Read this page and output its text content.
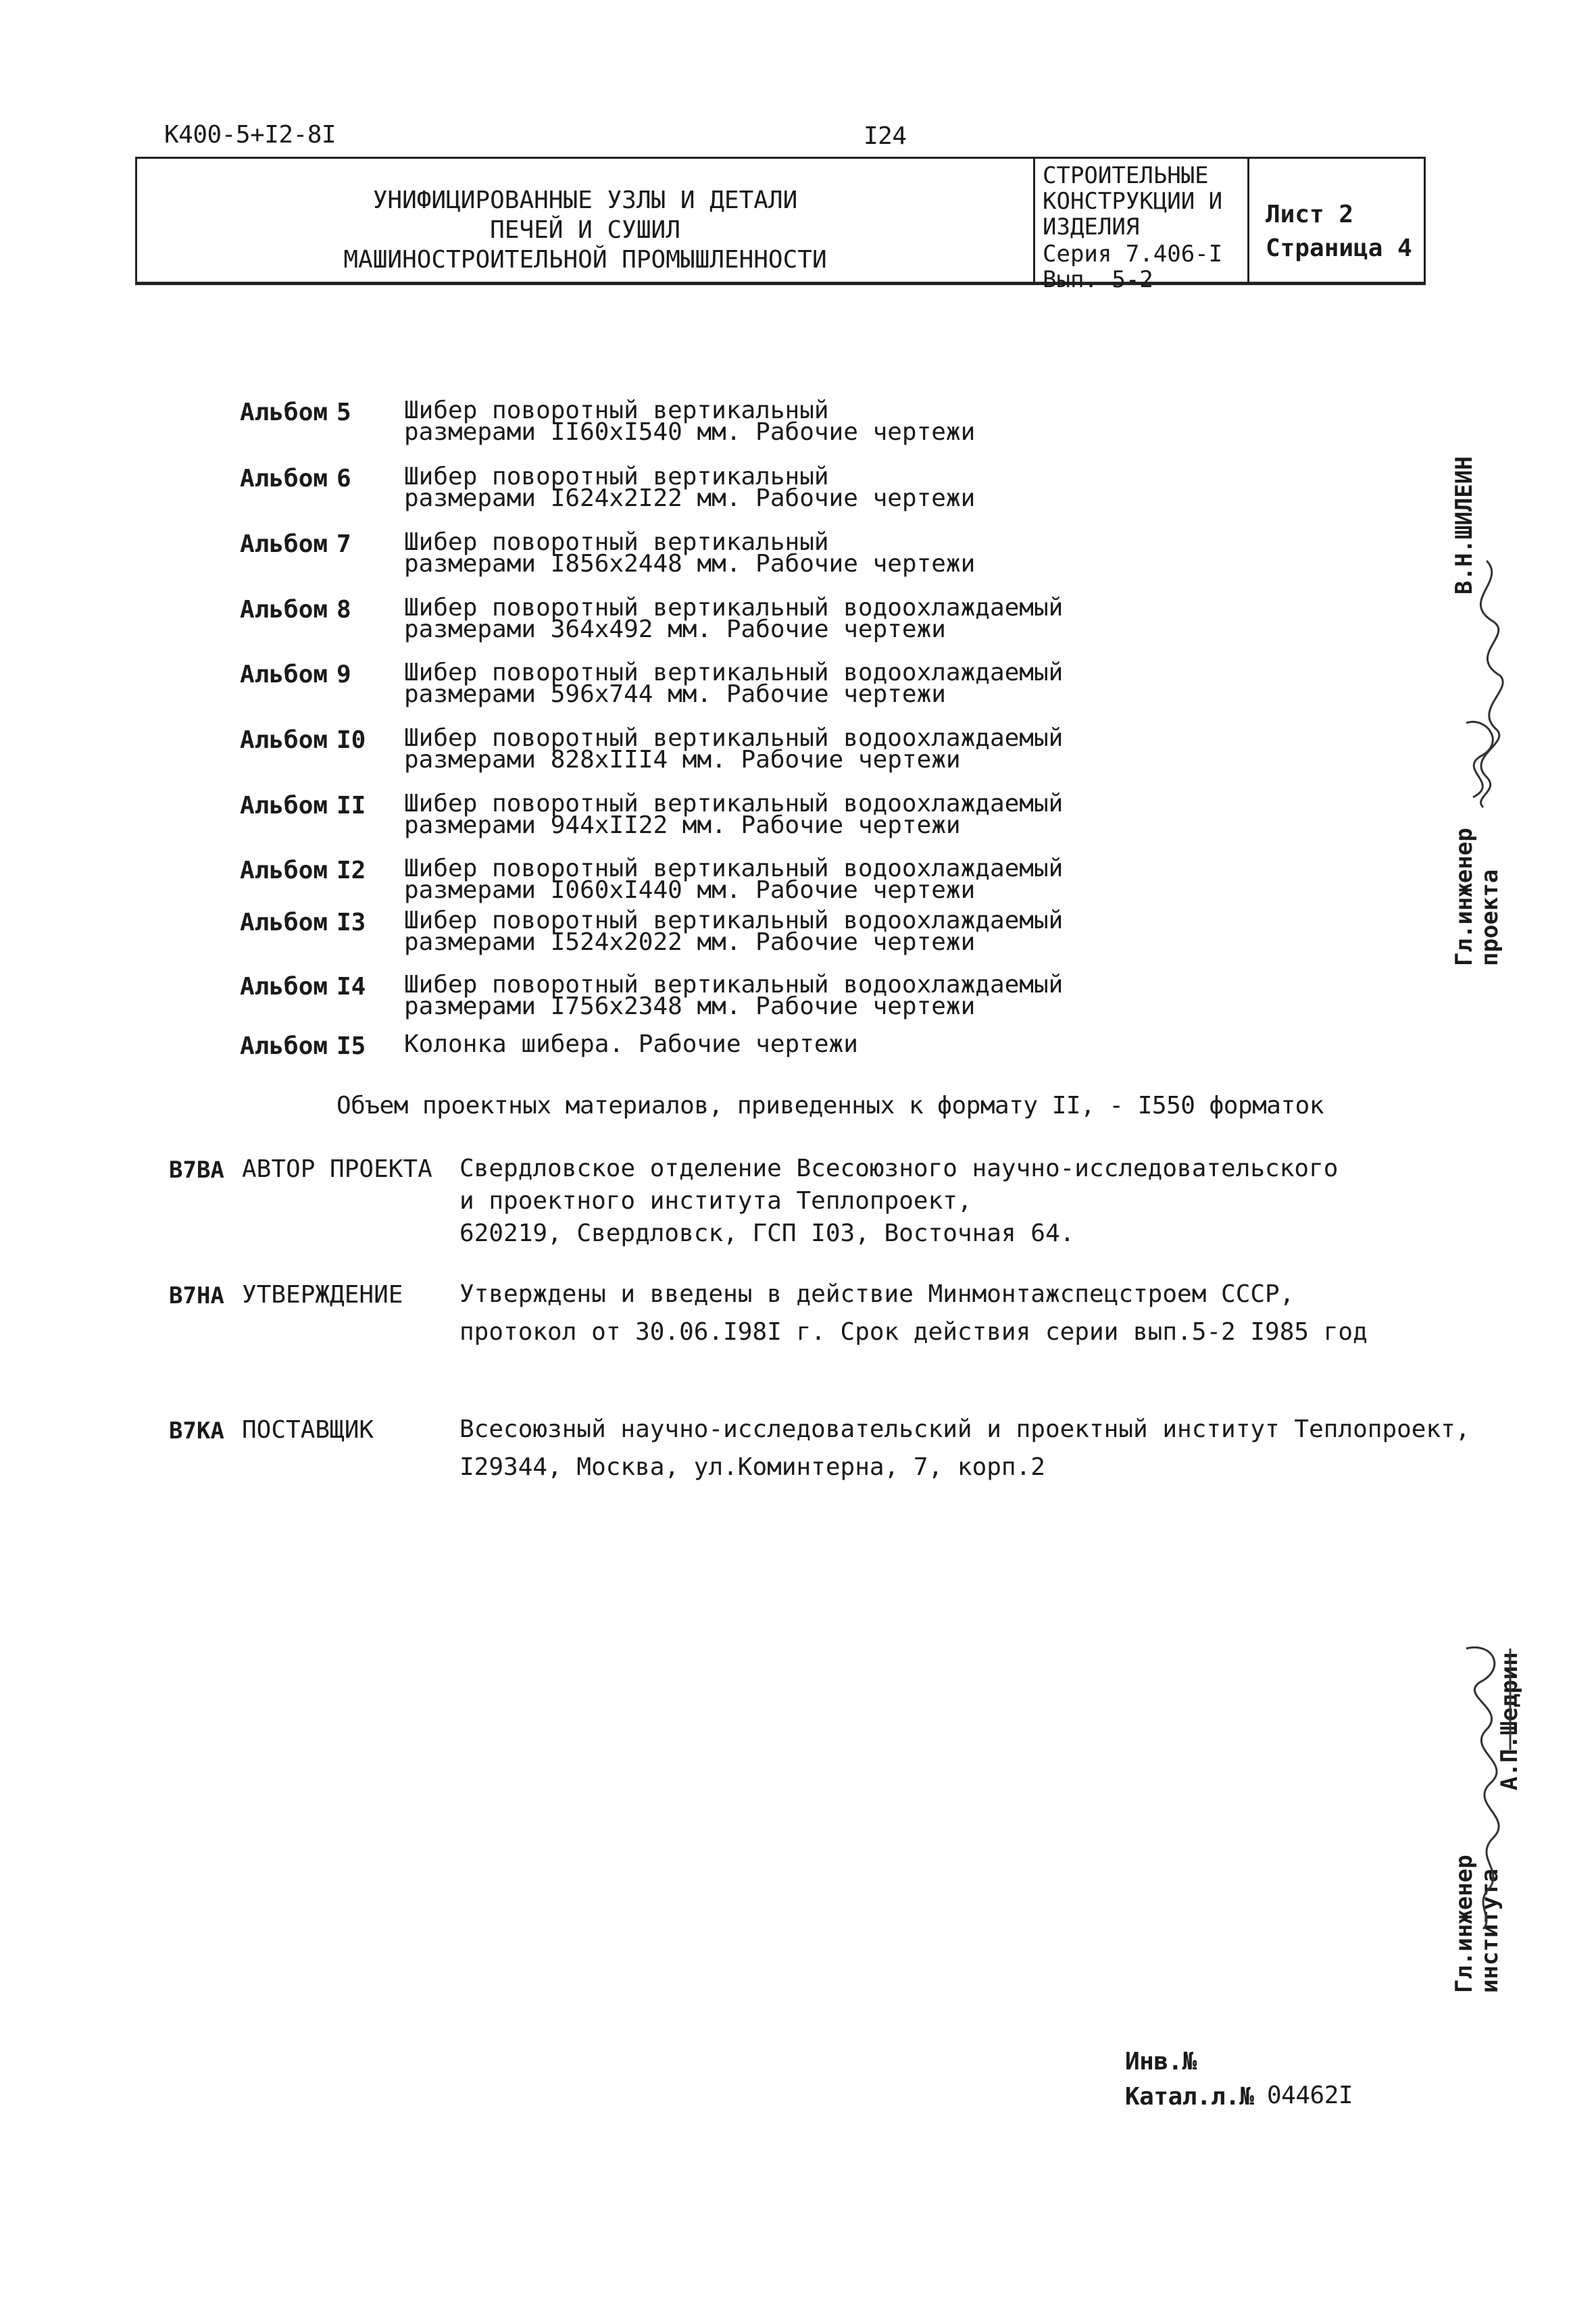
К400-5+I2-8I	I24
УНИФИЦИРОВАННЫЕ УЗЛЫ И ДЕТАЛИ
ПЕЧЕЙ И СУШИЛ
МАШИНОСТРОИТЕЛЬНОЙ ПРОМЫШЛЕННОСТИ
СТРОИТЕЛЬНЫЕ
КОНСТРУКЦИИ И
ИЗДЕЛИЯ
Серия 7.406-I
Вып. 5-2
Лист 2
Страница 4
Альбом 5 Шибер поворотный вертикальный
размерами II60xI540 мм. Рабочие чертежи
Альбом 6 Шибер поворотный вертикальный
размерами I624x2I22 мм. Рабочие чертежи
Альбом 7 Шибер поворотный вертикальный
размерами I856x2448 мм. Рабочие чертежи
Альбом 8 Шибер поворотный вертикальный водоохлаждаемый
размерами 364x492 мм. Рабочие чертежи
Альбом 9 Шибер поворотный вертикальный водоохлаждаемый
размерами 596x744 мм. Рабочие чертежи
Альбом I0 Шибер поворотный вертикальный водоохлаждаемый
размерами 828xIII4 мм. Рабочие чертежи
Альбом II Шибер поворотный вертикальный водоохлаждаемый
размерами 944xII22 мм. Рабочие чертежи
Альбом I2 Шибер поворотный вертикальный водоохлаждаемый
размерами I060xI440 мм. Рабочие чертежи
Альбом I3 Шибер поворотный вертикальный водоохлаждаемый
размерами I524x2022 мм. Рабочие чертежи
Альбом I4 Шибер поворотный вертикальный водоохлаждаемый
размерами I756x2348 мм. Рабочие чертежи
Альбом I5 Колонка шибера. Рабочие чертежи
Объем проектных материалов, приведенных к формату II, - I550 форматок
В7ВА АВТОР ПРОЕКТА Свердловское отделение Всесоюзного научно-исследовательского
и проектного института Теплопроект,
620219, Свердловск, ГСП I03, Восточная 64.
В7НА УТВЕРЖДЕНИЕ Утверждены и введены в действие Минмонтажспецстроем СССР,
протокол от 30.06.I98I г. Срок действия серии вып.5-2 I985 год
В7КА ПОСТАВЩИК	Всесоюзный научно-исследовательский и проектный институт Теплопроект,
I29344, Москва, ул.Коминтерна, 7, корп.2
Гл.инженер
проекта
В.Н.ШИЛЕИН
Гл.инженер
института
А.П.Шедрин
Инв.№
Катал.л.№ 04462I
